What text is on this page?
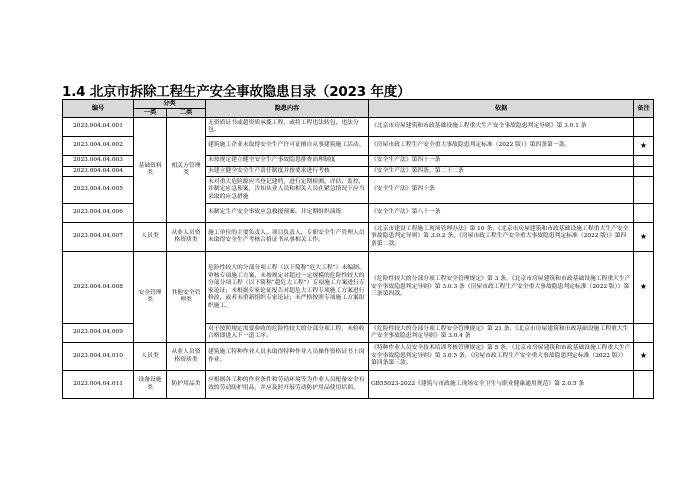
1.4 北京市拆除工程生产安全事故隐患目录（2023 年度）
编号	分类		隐患内容	依据	备注
	一类	二类			
2023.004.04.001	基础资料类	相关方管理类	无资质证书或超资质承揽工程，或将工程违法转包、违法分包。	《北京市房屋建筑和市政基础设施工程重大生产安全事故隐患判定导则》第 3.0.1 条	
2023.004.04.002			建筑施工企业未取得安全生产许可证擅自从事建筑施工活动。	《房屋市政工程生产安全重大事故隐患判定标准（2022 版）》第四条第一款。	★
2023.004.04.003			未按规定建立健全安全生产事故隐患排查治理制度	《安全生产法》第四十一条	
2023.004.04.004			未建立健全安全生产责任制度并按要求进行考核	《安全生产法》第四条、第二十二条	
2023.004.04.005			未对重大危险源应当登记建档，进行定期检测、评估、监控，并制定应急预案，告知从业人员和相关人员在紧急情况下应当采取的应急措施	《安全生产法》第四十条	
2023.004.04.006			未制定生产安全事故应急救援预案，并定期组织演练	《安全生产法》第八十一条	
2023.004.04.007	人员类	从业人员资格资质类	施工单位的主要负责人、项目负责人、专职安全生产管理人员未取得安全生产考核合格证书从事相关工作。	《北京市建设工程施工现场管理办法》第 10 条，《北京市房屋建筑和市政基础设施工程重大生产安全事故隐患判定导则》第 3.0.2 条，《房屋市政工程生产安全重大事故隐患判定标准（2022 版）》第四条第二款。	★
2023.004.04.008	安全管理类	其他安全管理类	危险性较大的分部分项工程（以下简称“危大工程”）未编制、审核专项施工方案，未按规定对超过一定规模的危险性较大的分部分项工程（以下简称“超危大工程”）专项施工方案进行专家论证；未根据专家论证报告对超危大工程专项施工方案进行修改，或者未重新组织专家论证；未严格按照专项施工方案组织施工。	《危险性较大的分部分项工程安全管理规定》第 3 条，《北京市房屋建筑和市政基础设施工程重大生产安全事故隐患判定导则》第 3.0.3 条《房屋市政工程生产安全重大事故隐患判定标准（2022 版）》第三条第四款。	★
2023.004.04.009			对于按照规定需要验收的危险性较大的分部分项工程，未验收合格即进入下一道工序。	《危险性较大的分部分项工程安全管理规定》第 21 条，《北京市房屋建筑和市政基础设施工程重大生产安全事故隐患判定导则》第 3.0.4 条	
2023.004.04.010	人员类	从业人员资格资质类	建筑施工特种作业人员未取得特种作业人员操作资格证书上岗作业。	《特种作业人员安全技术培训考核管理规定》第 5 条，《北京市房屋建筑和市政基础设施工程重大生产安全事故隐患判定导则》第 3.0.5 条，《房屋市政工程生产安全重大事故隐患判定标准（2022 版）》第四条第三款。	★
2023.004.04.011	设备设施类	防护用品类	应根据各工种的作业条件和劳动环境等为作业人员配备安全有效的劳动防护用品，并应及时开展劳动防护用品使用培训。	GB55023-2022《建筑与市政施工现场安全卫生与职业健康通用规范》第 2.0.5 条	
